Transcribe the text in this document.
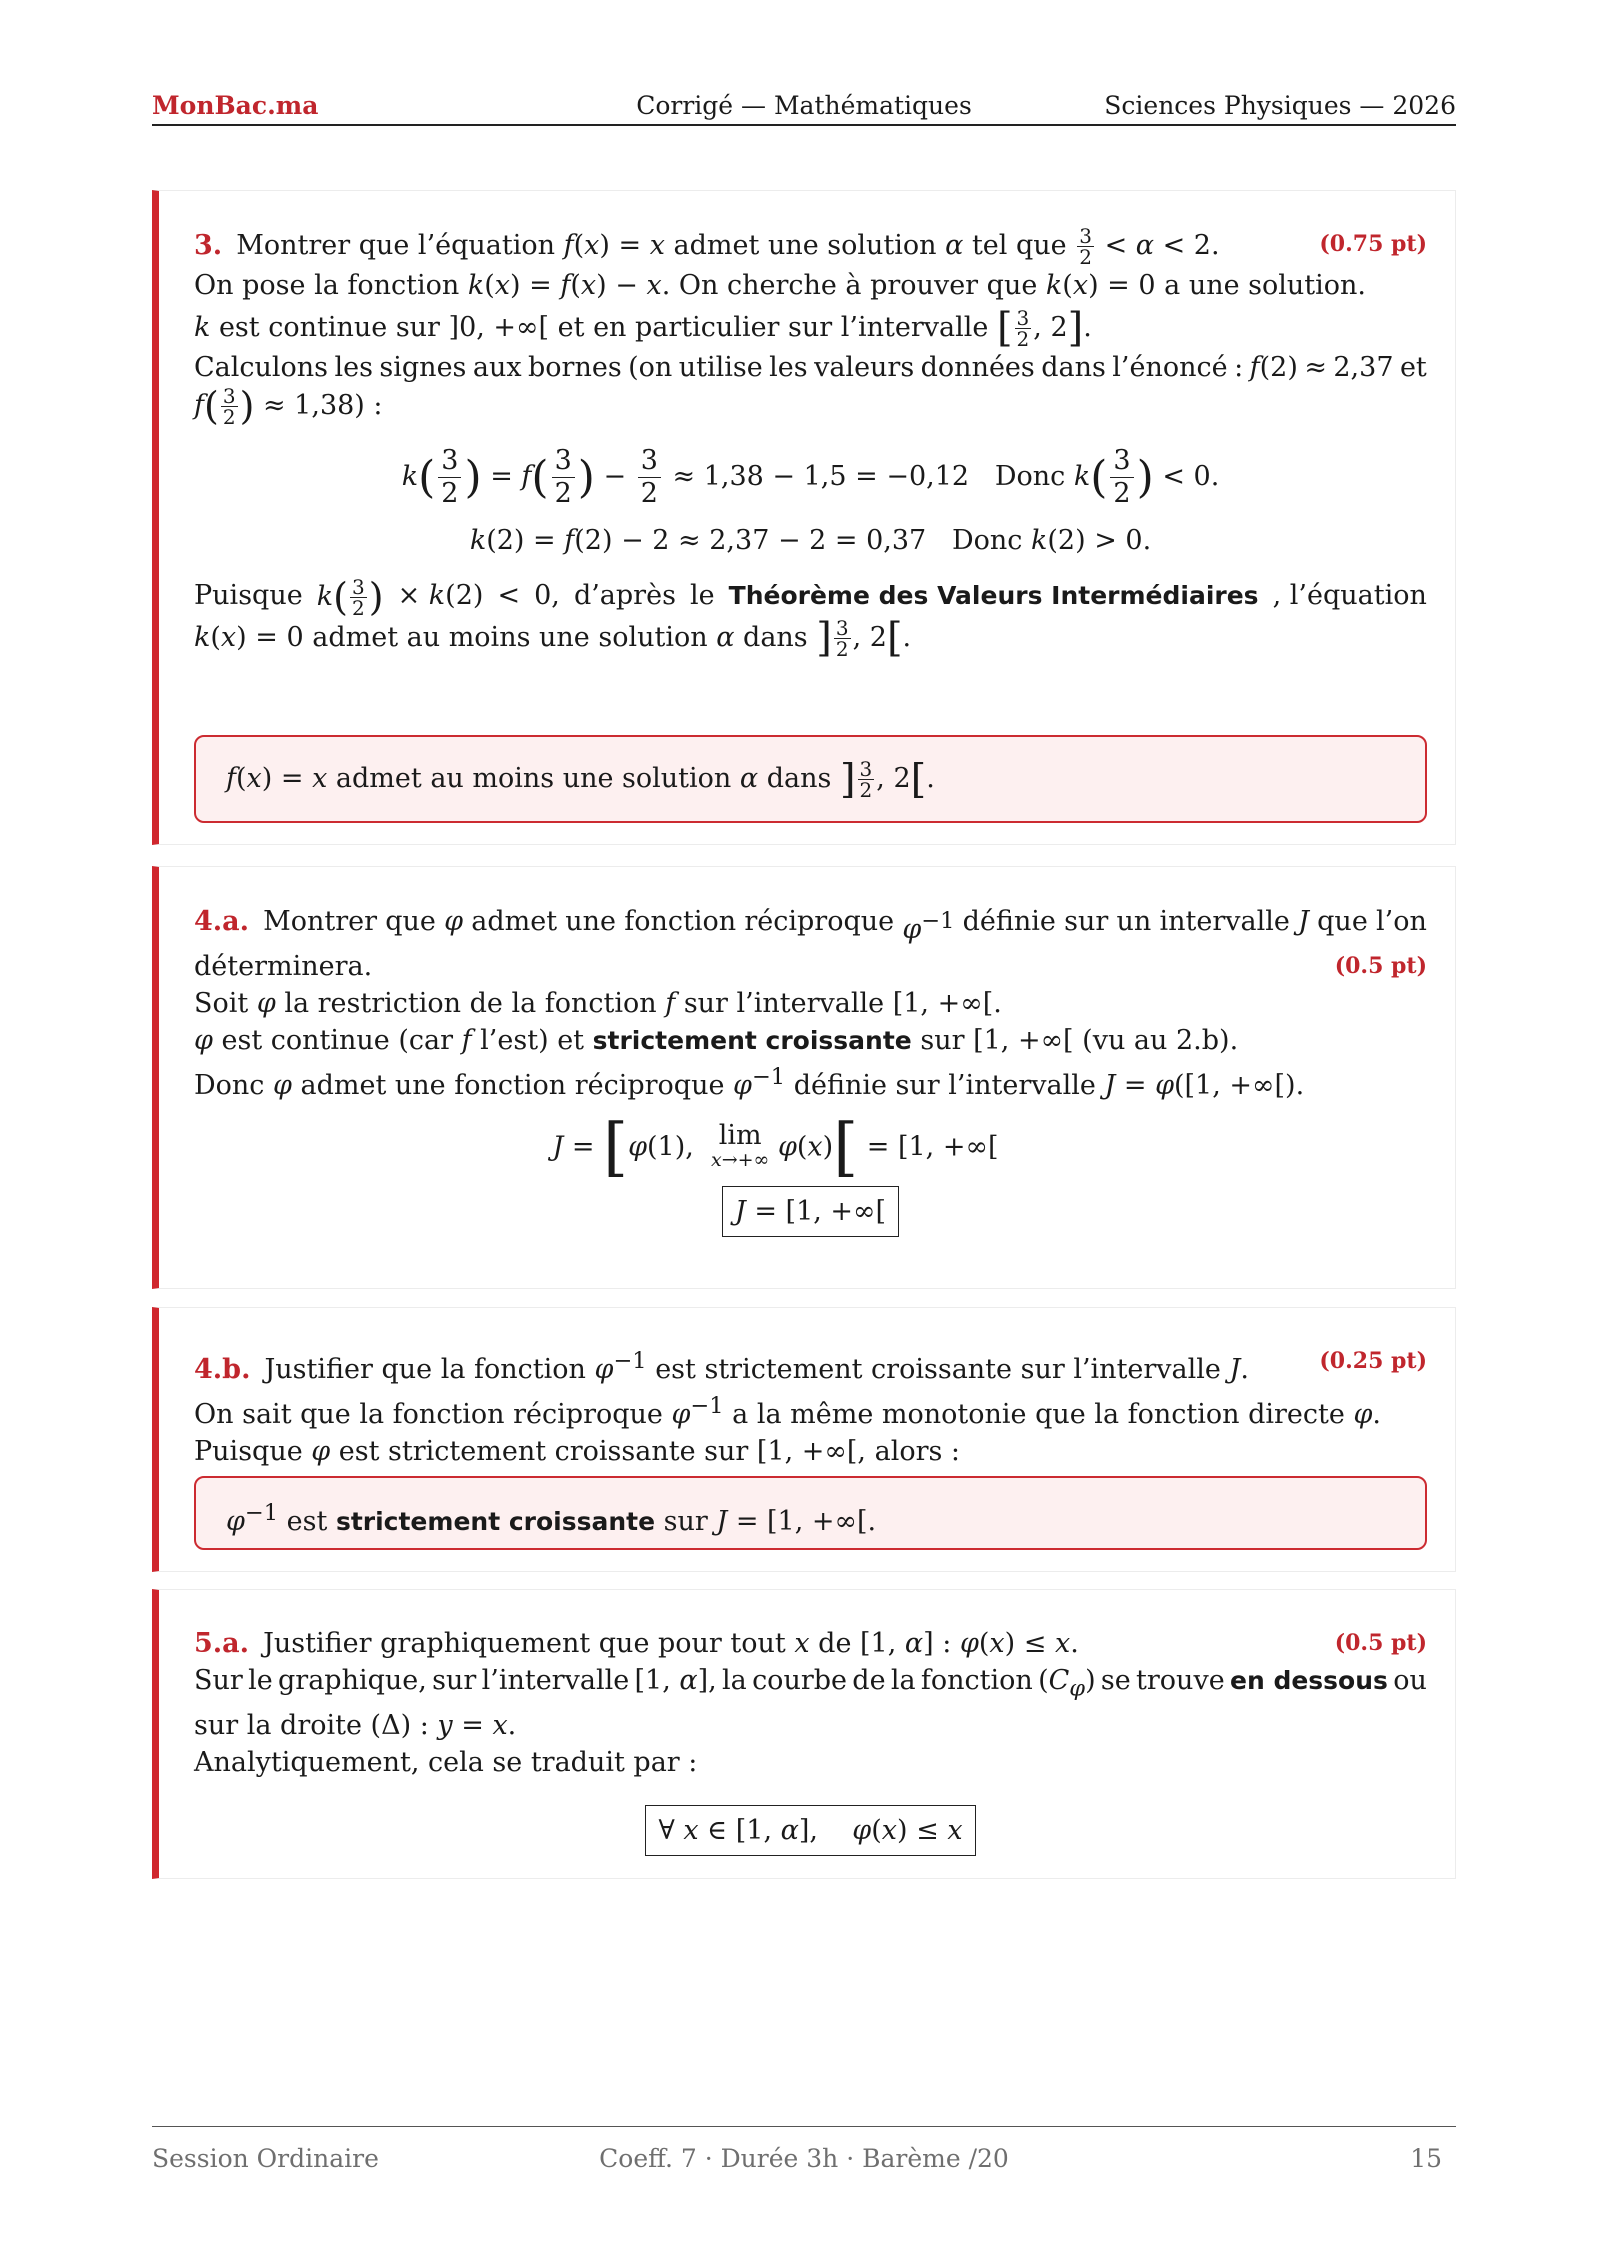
Corrigé — Mathématiques
MonBac.ma	Sciences Physiques — 2026
3. Montrer que l’équation f(x) = x admet une solution α tel que $\frac{3}{2} < \alpha < 2$.	(0.75 pt)
On pose la fonction k(x) = f(x) − x. On cherche à prouver que k(x) = 0 a une solution.
k est continue sur ]0, +∞[ et en particulier sur l’intervalle [ $\frac{3}{2}$ , 2].
Calculons les signes aux bornes (on utilise les valeurs données dans l’énoncé : f(2) ≈ 2,37 et
$f( \frac{3}{2}$ ) ≈ 1,38) :
$k( \frac{3}{2}$ ) = $f( \frac{3}{2}$ ) − $\frac{3}{2} \approx 1,38 - 1,5 = -0,12$   Donc $k( \frac{3}{2}$ ) < 0.
k(2) = f(2) − 2 ≈ 2,37 − 2 = 0,37   Donc k(2) > 0.
Puisque $k( \frac{3}{2}$ ) × k(2) < 0, d’après le Théorème des Valeurs Intermédiaires , l’équation
k(x) = 0 admet au moins une solution α dans ] $\frac{3}{2}$ , 2[.
f(x) = x admet au moins une solution α dans ] $\frac{3}{2}$ , 2[.
4.a. Montrer que φ admet une fonction réciproque $\varphi^{-1}$ définie sur un intervalle J que l’on
déterminera.	(0.5 pt)
Soit φ la restriction de la fonction f sur l’intervalle [1, +∞[.
φ est continue (car f l’est) et strictement croissante sur [1, +∞[ (vu au 2.b).
Donc φ admet une fonction réciproque $\varphi^{-1}$ définie sur l’intervalle J = φ([1, +∞[).
J = [φ(1), lim
x→+∞ φ(x)[ = [1, +∞[
J = [1, +∞[
4.b. Justifier que la fonction $\varphi^{-1}$ est strictement croissante sur l’intervalle J.	(0.25 pt)
On sait que la fonction réciproque $\varphi^{-1}$ a la même monotonie que la fonction directe φ.
Puisque φ est strictement croissante sur [1, +∞[, alors :
$\varphi^{-1}$ est strictement croissante sur J = [1, +∞[.
5.a. Justifier graphiquement que pour tout x de [1, α] : φ(x) ≤ x.	(0.5 pt)
Sur le graphique, sur l’intervalle [1, α], la courbe de la fonction $(C_\varphi)$ se trouve en dessous ou
sur la droite (Δ) : y = x.
Analytiquement, cela se traduit par :
∀ x ∈ [1, α],    φ(x) ≤ x
Session Ordinaire	Coeff. 7 · Durée 3h · Barème /20	15
